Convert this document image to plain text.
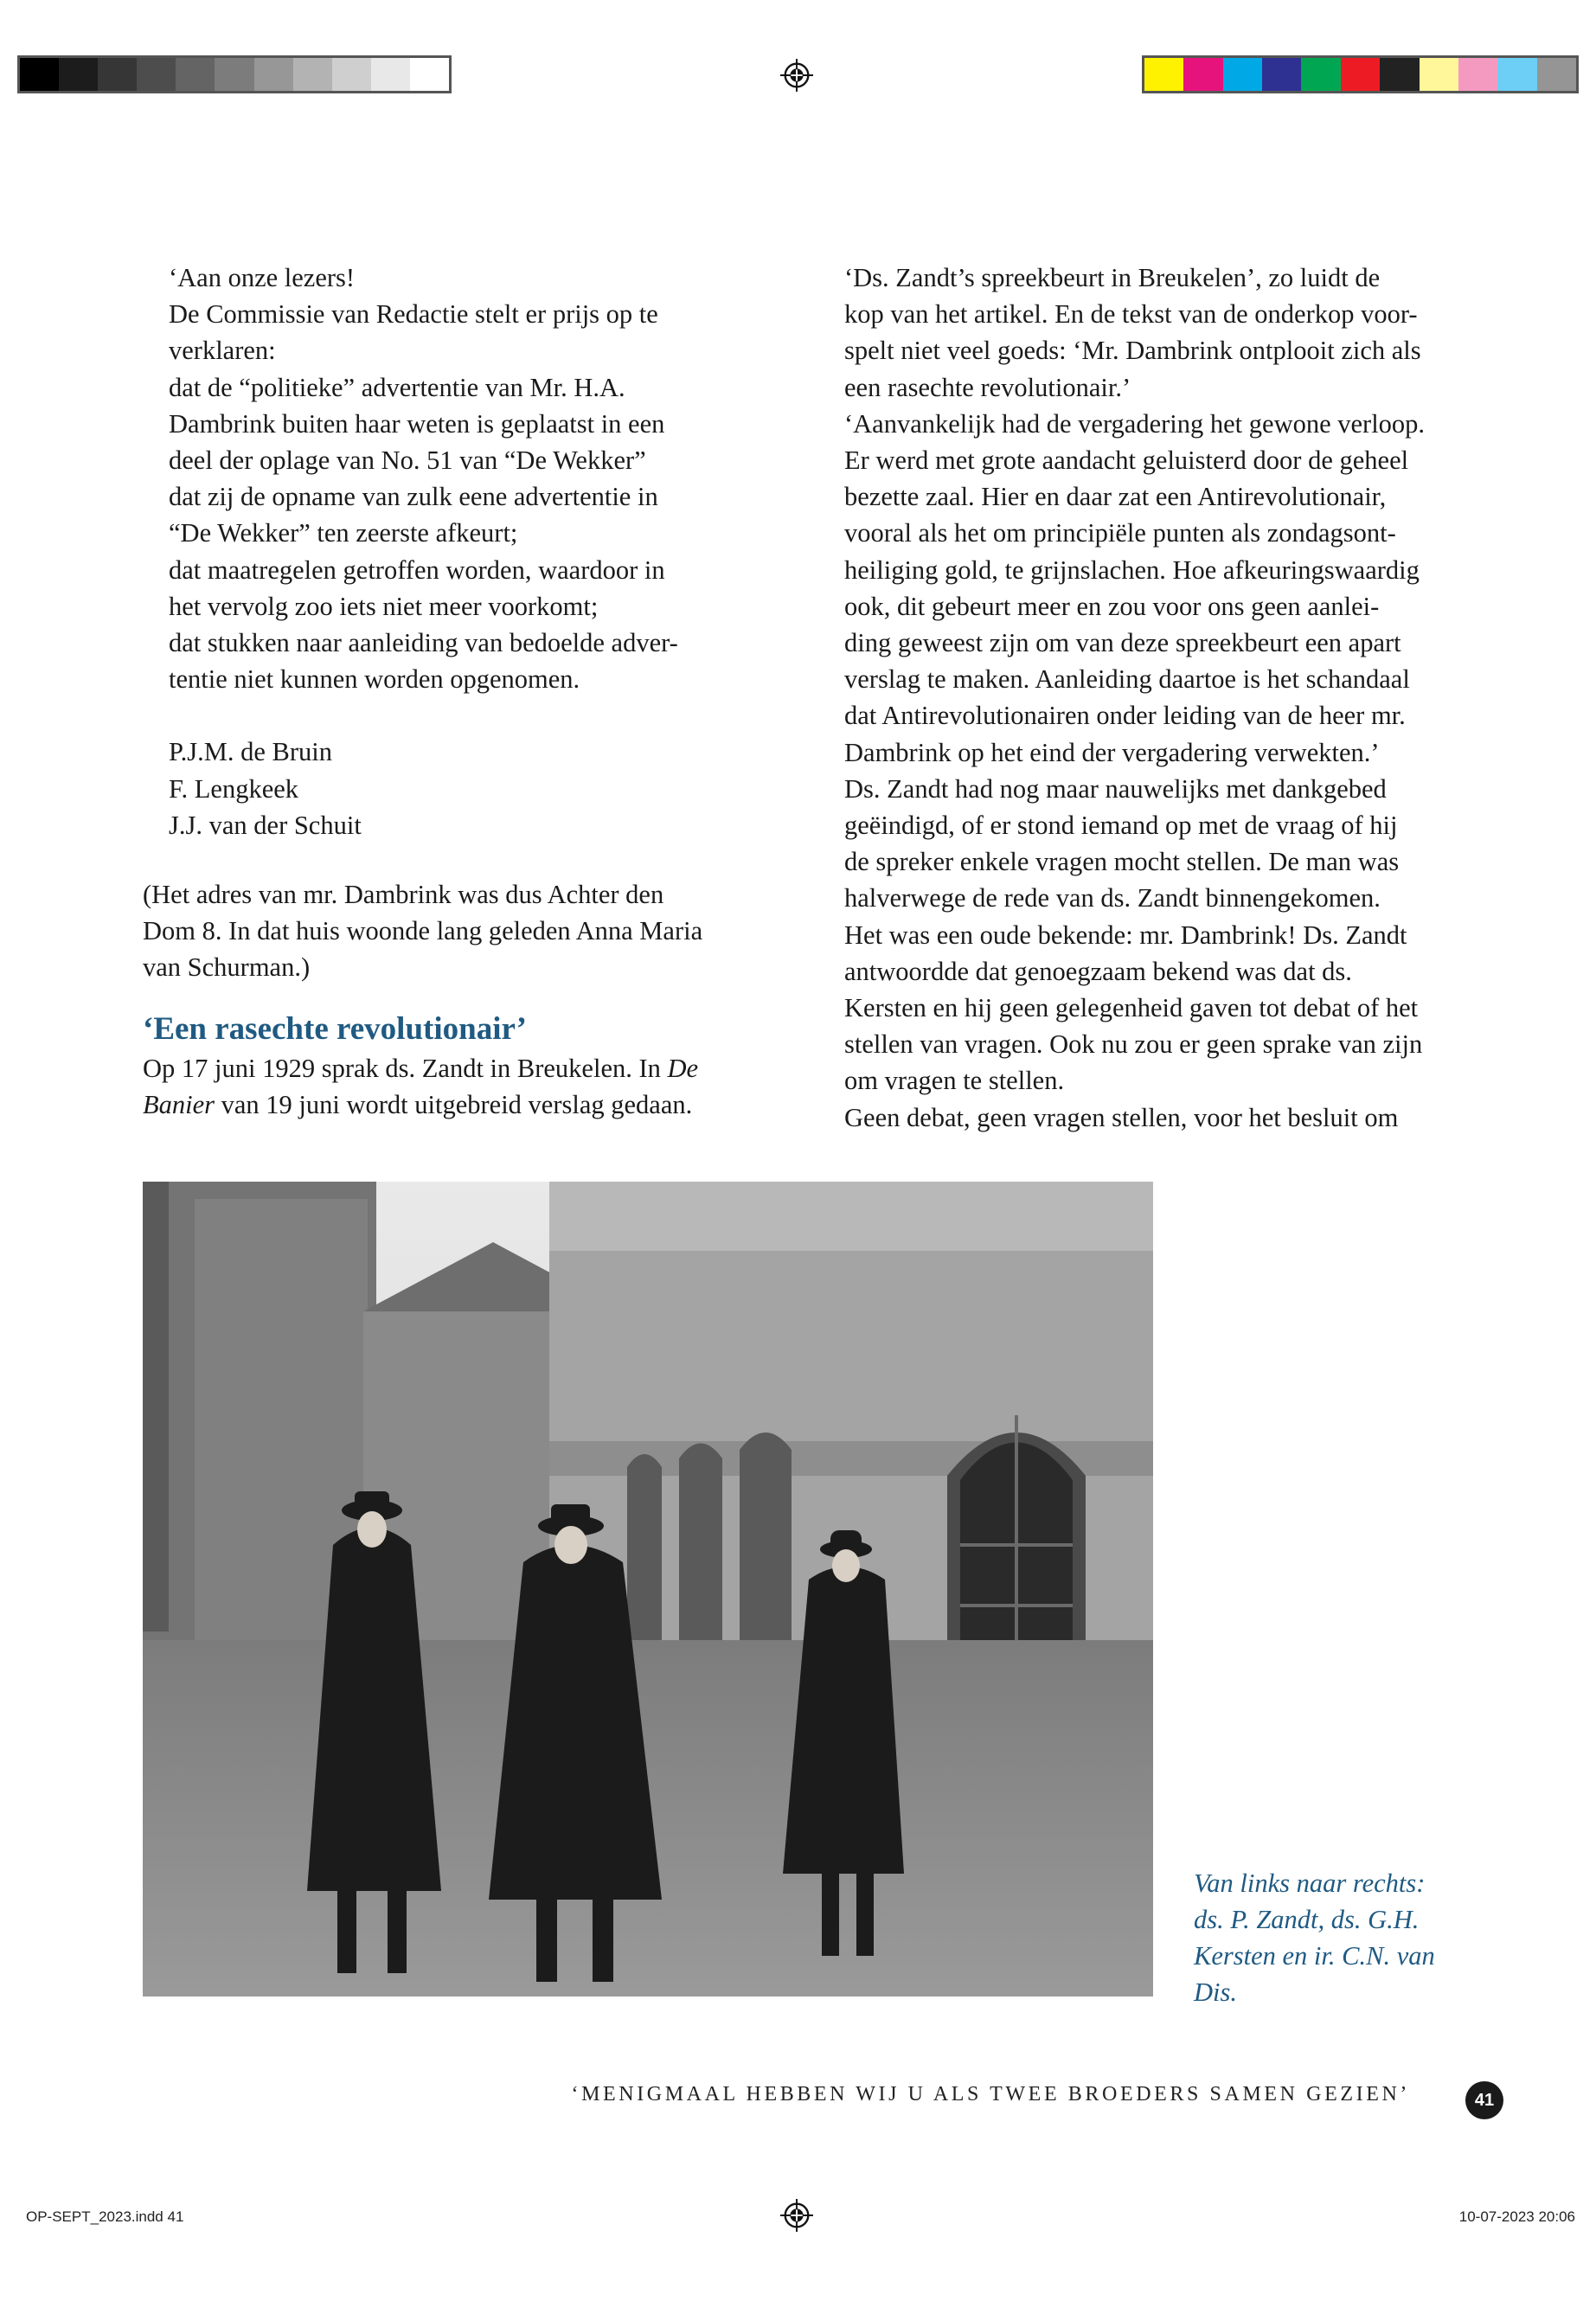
‘Aan onze lezers!

De Commissie van Redactie stelt er prijs op te

verklaren:

dat de “politieke” advertentie van Mr. H.A.

Dambrink buiten haar weten is geplaatst in een

deel der oplage van No. 51 van “De Wekker”

dat zij de opname van zulk eene advertentie in

“De Wekker” ten zeerste afkeurt;

dat maatregelen getroffen worden, waardoor in

het vervolg zoo iets niet meer voorkomt;

dat stukken naar aanleiding van bedoelde adver-

tentie niet kunnen worden opgenomen.

P.J.M. de Bruin

F. Lengkeek

J.J. van der Schuit

(Het adres van mr. Dambrink was dus Achter den

Dom 8. In dat huis woonde lang geleden Anna Maria

van Schurman.)

‘Een rasechte revolutionair’

Op 17 juni 1929 sprak ds. Zandt in Breukelen. In De

Banier van 19 juni wordt uitgebreid verslag gedaan.

‘Ds. Zandt’s spreekbeurt in Breukelen’, zo luidt de

kop van het artikel. En de tekst van de onderkop voor-

spelt niet veel goeds: ‘Mr. Dambrink ontplooit zich als

een rasechte revolutionair.’

‘Aanvankelijk had de vergadering het gewone verloop.

Er werd met grote aandacht geluisterd door de geheel

bezette zaal. Hier en daar zat een Antirevolutionair,

vooral als het om principiële punten als zondagsont-

heiliging gold, te grijnslachen. Hoe afkeuringswaardig

ook, dit gebeurt meer en zou voor ons geen aanlei-

ding geweest zijn om van deze spreekbeurt een apart

verslag te maken. Aanleiding daartoe is het schandaal

dat Antirevolutionairen onder leiding van de heer mr.

Dambrink op het eind der vergadering verwekten.’

Ds. Zandt had nog maar nauwelijks met dankgebed

geëindigd, of er stond iemand op met de vraag of hij

de spreker enkele vragen mocht stellen. De man was

halverwege de rede van ds. Zandt binnengekomen.

Het was een oude bekende: mr. Dambrink! Ds. Zandt

antwoordde dat genoegzaam bekend was dat ds.

Kersten en hij geen gelegenheid gaven tot debat of het

stellen van vragen. Ook nu zou er geen sprake van zijn

om vragen te stellen.

Geen debat, geen vragen stellen, voor het besluit om

Van links naar rechts:
ds. P. Zandt, ds. G.H.
Kersten en ir. C.N. van
Dis.
‘MENIGMAAL HEBBEN WIJ U ALS TWEE BROEDERS SAMEN GEZIEN’	41
OP-SEPT_2023.indd 41	10-07-2023 20:06
